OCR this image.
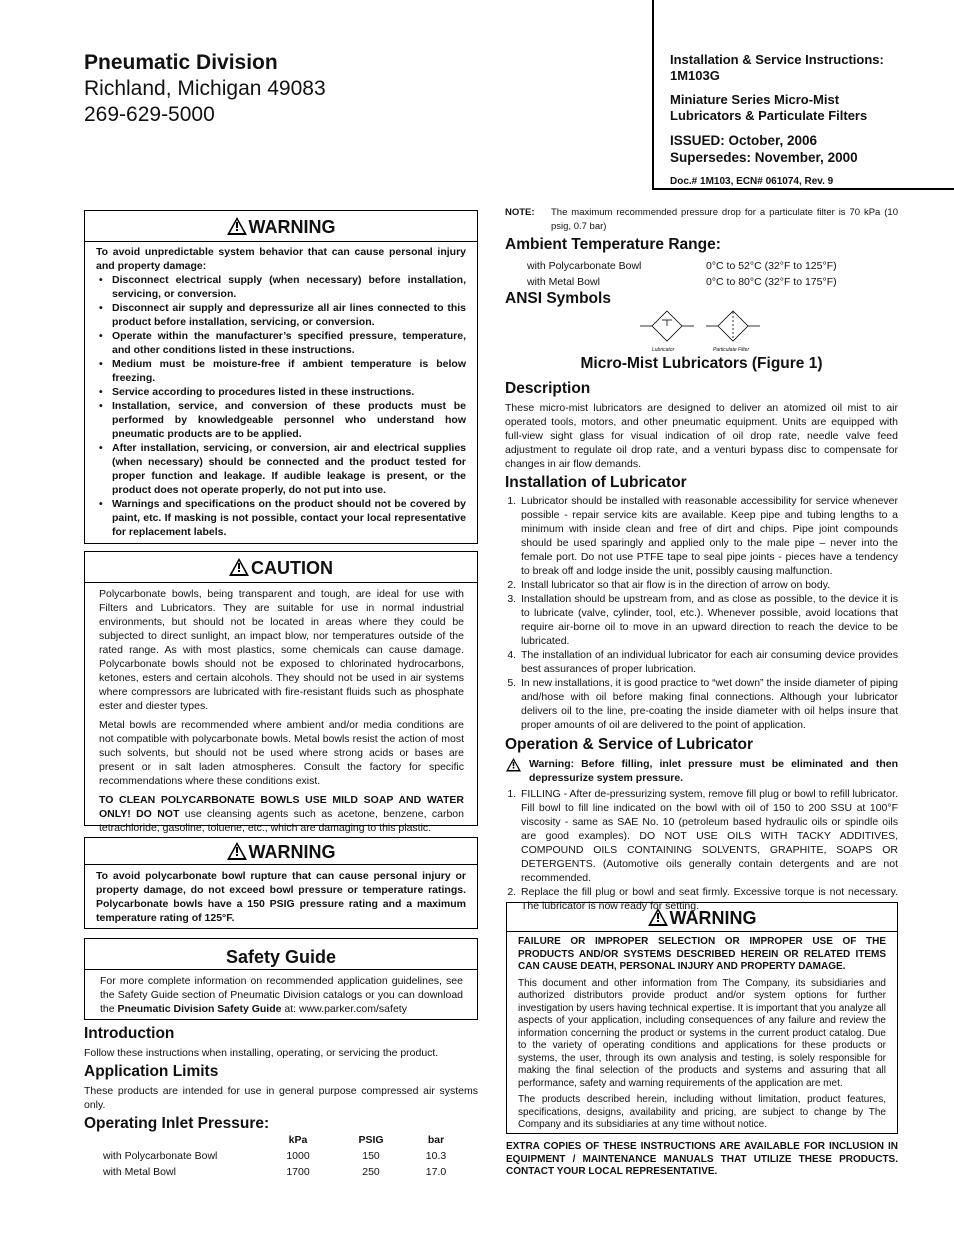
Pneumatic Division
Richland, Michigan 49083
269-629-5000

Installation & Service Instructions:
1M103G

Miniature Series Micro-Mist
Lubricators & Particulate Filters

ISSUED: October, 2006
Supersedes: November, 2000

Doc.# 1M103, ECN# 061074, Rev. 9

WARNING
To avoid unpredictable system behavior that can cause personal injury and property damage:
• Disconnect electrical supply (when necessary) before installation, servicing, or conversion.
• Disconnect air supply and depressurize all air lines connected to this product before installation, servicing, or conversion.
• Operate within the manufacturer’s specified pressure, temperature, and other conditions listed in these instructions.
• Medium must be moisture-free if ambient temperature is below freezing.
• Service according to procedures listed in these instructions.
• Installation, service, and conversion of these products must be performed by knowledgeable personnel who understand how pneumatic products are to be applied.
• After installation, servicing, or conversion, air and electrical supplies (when necessary) should be connected and the product tested for proper function and leakage. If audible leakage is present, or the product does not operate properly, do not put into use.
• Warnings and specifications on the product should not be covered by paint, etc. If masking is not possible, contact your local representative for replacement labels.
CAUTION

Polycarbonate bowls, being transparent and tough, are ideal for use with Filters and Lubricators. They are suitable for use in normal industrial environments, but should not be located in areas where they could be subjected to direct sunlight, an impact blow, nor temperatures outside of the rated range. As with most plastics, some chemicals can cause damage. Polycarbonate bowls should not be exposed to chlorinated hydrocarbons, ketones, esters and certain alcohols. They should not be used in air systems where compressors are lubricated with fire-resistant fluids such as phosphate ester and diester types.

Metal bowls are recommended where ambient and/or media conditions are not compatible with polycarbonate bowls. Metal bowls resist the action of most such solvents, but should not be used where strong acids or bases are present or in salt laden atmospheres. Consult the factory for specific recommendations where these conditions exist.

TO CLEAN POLYCARBONATE BOWLS USE MILD SOAP AND WATER ONLY! DO NOT use cleansing agents such as acetone, benzene, carbon tetrachloride, gasoline, toluene, etc., which are damaging to this plastic.

WARNING
To avoid polycarbonate bowl rupture that can cause personal injury or property damage, do not exceed bowl pressure or temperature ratings. Polycarbonate bowls have a 150 PSIG pressure rating and a maximum temperature rating of 125°F.
Safety Guide
For more complete information on recommended application guidelines, see the Safety Guide section of Pneumatic Division catalogs or you can download the Pneumatic Division Safety Guide at: www.parker.com/safety
Introduction
Follow these instructions when installing, operating, or servicing the product.
Application Limits
These products are intended for use in general purpose compressed air systems only.
Operating Inlet Pressure:
	kPa	PSIG	bar
with Polycarbonate Bowl	1000	150	10.3
with Metal Bowl	1700	250	17.0
NOTE: The maximum recommended pressure drop for a particulate filter is 70 kPa (10 psig, 0.7 bar)
Ambient Temperature Range:
with Polycarbonate Bowl	0°C to 52°C (32°F to 125°F)
with Metal Bowl	0°C to 80°C (32°F to 175°F)
ANSI Symbols
Lubricator	Particulate Filter
Micro-Mist Lubricators (Figure 1)
Description
These micro-mist lubricators are designed to deliver an atomized oil mist to air operated tools, motors, and other pneumatic equipment. Units are equipped with full-view sight glass for visual indication of oil drop rate, needle valve feed adjustment to regulate oil drop rate, and a venturi bypass disc to compensate for changes in air flow demands.
Installation of Lubricator
1. Lubricator should be installed with reasonable accessibility for service whenever possible - repair service kits are available. Keep pipe and tubing lengths to a minimum with inside clean and free of dirt and chips. Pipe joint compounds should be used sparingly and applied only to the male pipe – never into the female port. Do not use PTFE tape to seal pipe joints - pieces have a tendency to break off and lodge inside the unit, possibly causing malfunction.
2. Install lubricator so that air flow is in the direction of arrow on body.
3. Installation should be upstream from, and as close as possible, to the device it is to lubricate (valve, cylinder, tool, etc.). Whenever possible, avoid locations that require air-borne oil to move in an upward direction to reach the device to be lubricated.
4. The installation of an individual lubricator for each air consuming device provides best assurances of proper lubrication.
5. In new installations, it is good practice to “wet down” the inside diameter of piping and/hose with oil before making final connections. Although your lubricator delivers oil to the line, pre-coating the inside diameter with oil helps insure that proper amounts of oil are delivered to the point of application.
Operation & Service of Lubricator
Warning: Before filling, inlet pressure must be eliminated and then depressurize system pressure.
1. FILLING - After de-pressurizing system, remove fill plug or bowl to refill lubricator. Fill bowl to fill line indicated on the bowl with oil of 150 to 200 SSU at 100°F viscosity - same as SAE No. 10 (petroleum based hydraulic oils or spindle oils are good examples). DO NOT USE OILS WITH TACKY ADDITIVES, COMPOUND OILS CONTAINING SOLVENTS, GRAPHITE, SOAPS OR DETERGENTS. (Automotive oils generally contain detergents and are not recommended.
2. Replace the fill plug or bowl and seat firmly. Excessive torque is not necessary. The lubricator is now ready for setting.
WARNING
FAILURE OR IMPROPER SELECTION OR IMPROPER USE OF THE PRODUCTS AND/OR SYSTEMS DESCRIBED HEREIN OR RELATED ITEMS CAN CAUSE DEATH, PERSONAL INJURY AND PROPERTY DAMAGE.

This document and other information from The Company, its subsidiaries and authorized distributors provide product and/or system options for further investigation by users having technical expertise. It is important that you analyze all aspects of your application, including consequences of any failure and review the information concerning the product or systems in the current product catalog. Due to the variety of operating conditions and applications for these products or systems, the user, through its own analysis and testing, is solely responsible for making the final selection of the products and systems and assuring that all performance, safety and warning requirements of the application are met.

The products described herein, including without limitation, product features, specifications, designs, availability and pricing, are subject to change by The Company and its subsidiaries at any time without notice.

EXTRA COPIES OF THESE INSTRUCTIONS ARE AVAILABLE FOR INCLUSION IN EQUIPMENT / MAINTENANCE MANUALS THAT UTILIZE THESE PRODUCTS. CONTACT YOUR LOCAL REPRESENTATIVE.
